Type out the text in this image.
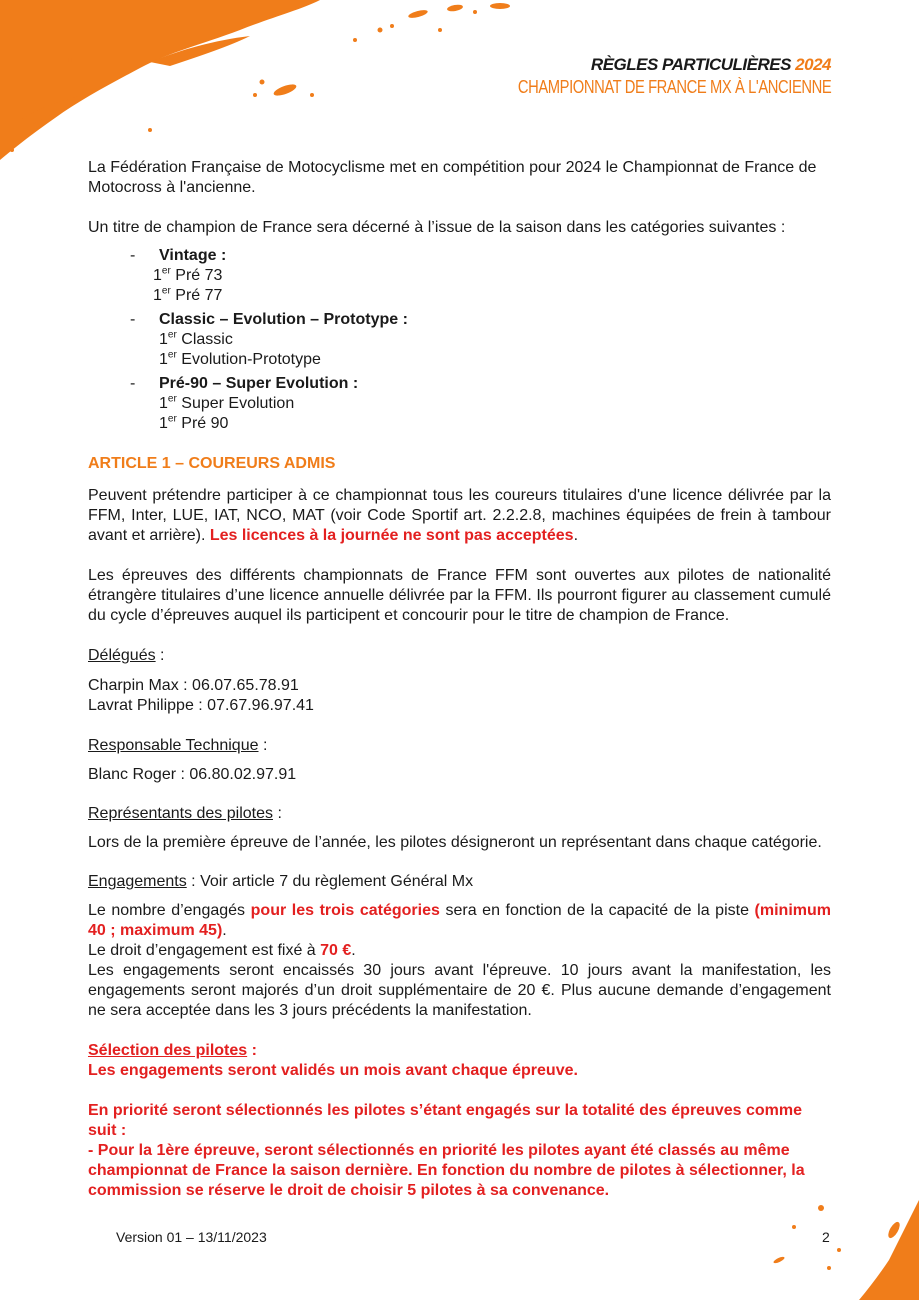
RÈGLES PARTICULIÈRES 2024
CHAMPIONNAT DE FRANCE MX À L'ANCIENNE

La Fédération Française de Motocyclisme met en compétition pour 2024 le Championnat de France de Motocross à l'ancienne.

Un titre de champion de France sera décerné à l’issue de la saison dans les catégories suivantes :

- Vintage :
1er Pré 73
1er Pré 77
- Classic – Evolution – Prototype :
1er Classic
1er Evolution-Prototype
- Pré-90 – Super Evolution :
1er Super Evolution
1er Pré 90

ARTICLE 1 – COUREURS ADMIS

Peuvent prétendre participer à ce championnat tous les coureurs titulaires d'une licence délivrée par la FFM, Inter, LUE, IAT, NCO, MAT (voir Code Sportif art. 2.2.2.8, machines équipées de frein à tambour avant et arrière). Les licences à la journée ne sont pas acceptées.

Les épreuves des différents championnats de France FFM sont ouvertes aux pilotes de nationalité étrangère titulaires d’une licence annuelle délivrée par la FFM. Ils pourront figurer au classement cumulé du cycle d’épreuves auquel ils participent et concourir pour le titre de champion de France.

Délégués :

Charpin Max : 06.07.65.78.91

Lavrat Philippe : 07.67.96.97.41

Responsable Technique :

Blanc Roger : 06.80.02.97.91

Représentants des pilotes :

Lors de la première épreuve de l’année, les pilotes désigneront un représentant dans chaque catégorie.

Engagements : Voir article 7 du règlement Général Mx

Le nombre d’engagés pour les trois catégories sera en fonction de la capacité de la piste (minimum 40 ; maximum 45).

Le droit d’engagement est fixé à 70 €.

Les engagements seront encaissés 30 jours avant l'épreuve. 10 jours avant la manifestation, les engagements seront majorés d’un droit supplémentaire de 20 €. Plus aucune demande d’engagement ne sera acceptée dans les 3 jours précédents la manifestation.

Sélection des pilotes :

Les engagements seront validés un mois avant chaque épreuve.

En priorité seront sélectionnés les pilotes s’étant engagés sur la totalité des épreuves comme suit :

- Pour la 1ère épreuve, seront sélectionnés en priorité les pilotes ayant été classés au même championnat de France la saison dernière. En fonction du nombre de pilotes à sélectionner, la commission se réserve le droit de choisir 5 pilotes à sa convenance.

Version 01 – 13/11/2023	2
